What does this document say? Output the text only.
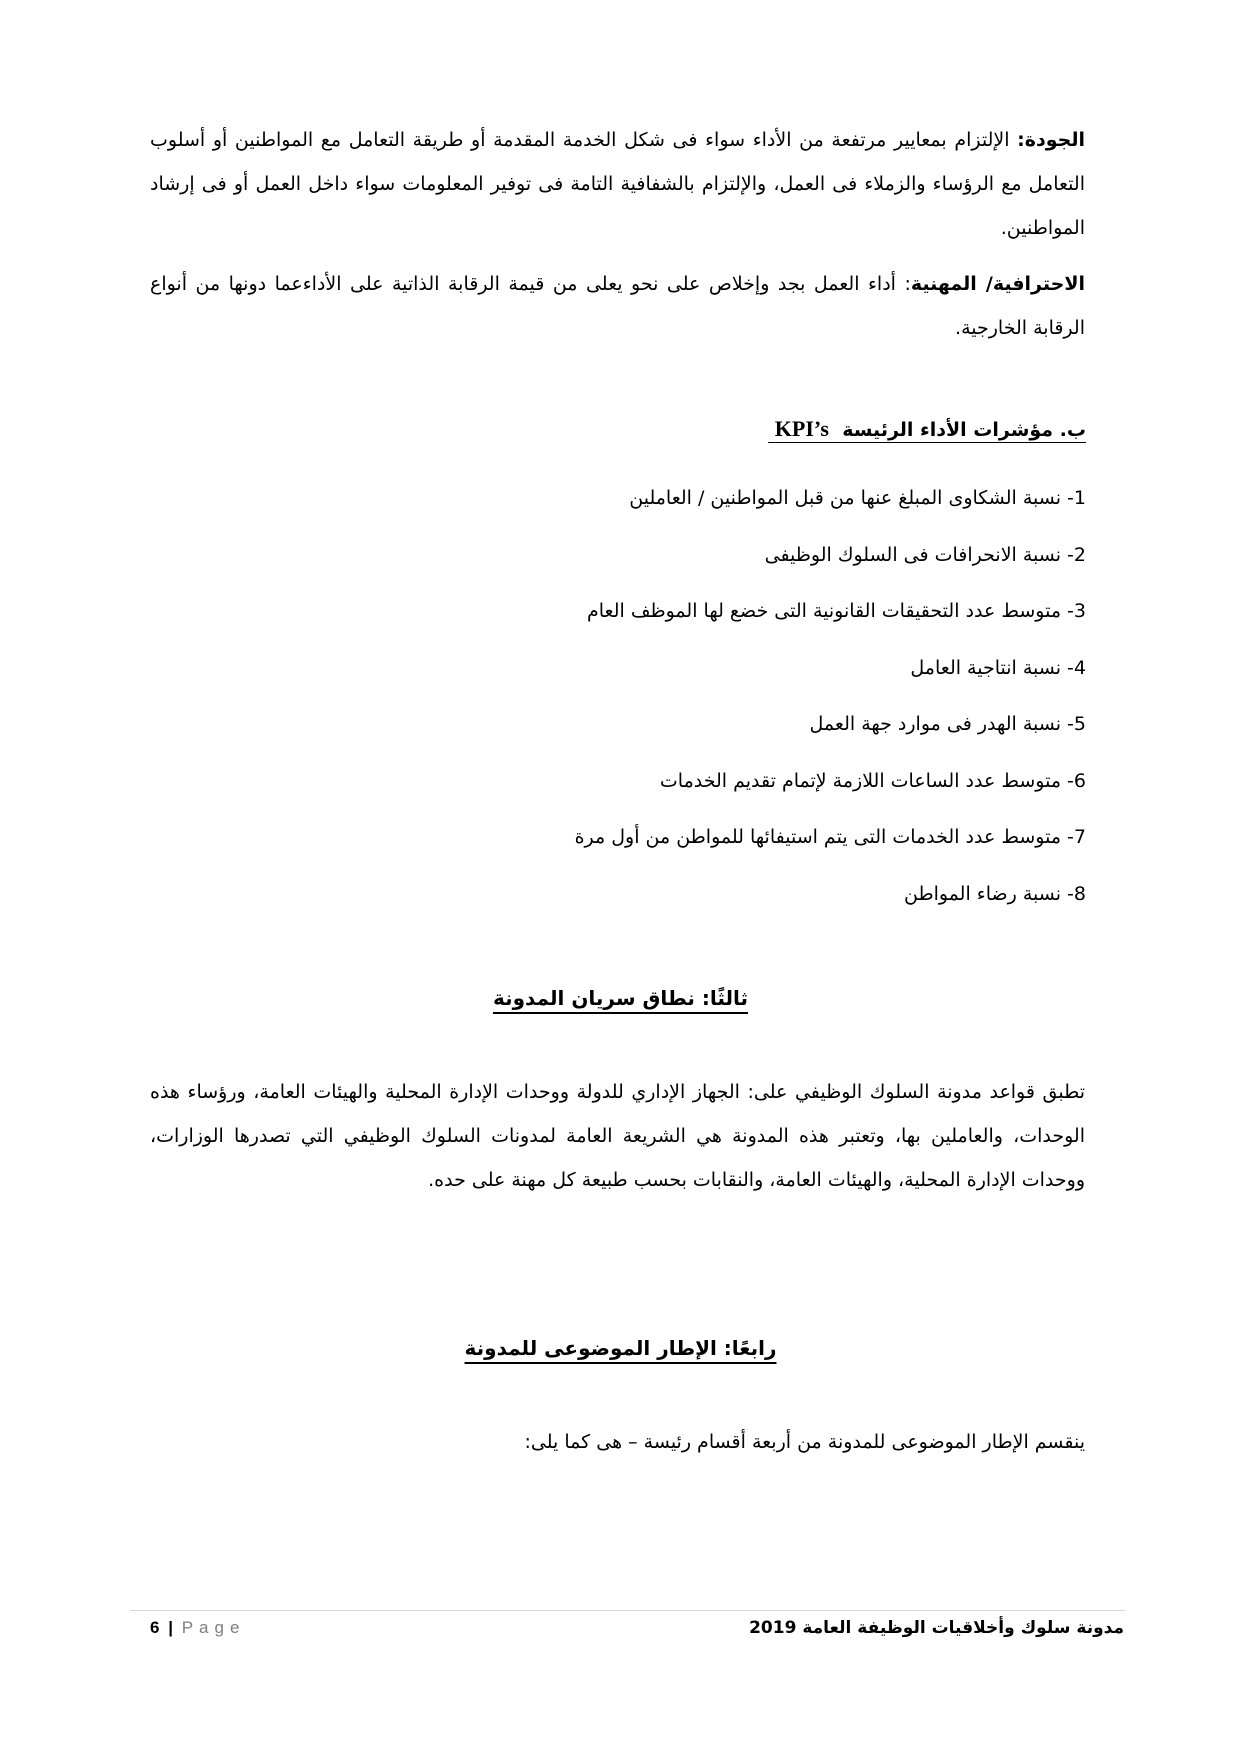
الجودة: الإلتزام بمعايير مرتفعة من الأداء سواء فى شكل الخدمة المقدمة أو طريقة التعامل مع المواطنين أو أسلوب التعامل مع الرؤساء والزملاء فى العمل، والإلتزام بالشفافية التامة فى توفير المعلومات سواء داخل العمل أو فى إرشاد المواطنين.

الاحترافية/ المهنية: أداء العمل بجد وإخلاص على نحو يعلى من قيمة الرقابة الذاتية على الأداءعما دونها من أنواع الرقابة الخارجية.

ب. مؤشرات الأداء الرئيسة  KPI’s

1- نسبة الشكاوى المبلغ عنها من قبل المواطنين / العاملين
2- نسبة الانحرافات فى السلوك الوظيفى
3- متوسط عدد التحقيقات القانونية التى خضع لها الموظف العام
4- نسبة انتاجية العامل
5- نسبة الهدر فى موارد جهة العمل
6- متوسط عدد الساعات اللازمة لإتمام تقديم الخدمات
7- متوسط عدد الخدمات التى يتم استيفائها للمواطن من أول مرة
8- نسبة رضاء المواطن

ثالثًا: نطاق سريان المدونة

تطبق قواعد مدونة السلوك الوظيفي على: الجهاز الإداري للدولة ووحدات الإدارة المحلية والهيئات العامة، ورؤساء هذه الوحدات، والعاملين بها، وتعتبر هذه المدونة هي الشريعة العامة لمدونات السلوك الوظيفي التي تصدرها الوزارات، ووحدات الإدارة المحلية، والهيئات العامة، والنقابات بحسب طبيعة كل مهنة على حده.

رابعًا: الإطار الموضوعى للمدونة

ينقسم الإطار الموضوعى للمدونة من أربعة أقسام رئيسة – هى كما يلى:

مدونة سلوك وأخلاقيات الوظيفة العامة 2019
6 | Page
